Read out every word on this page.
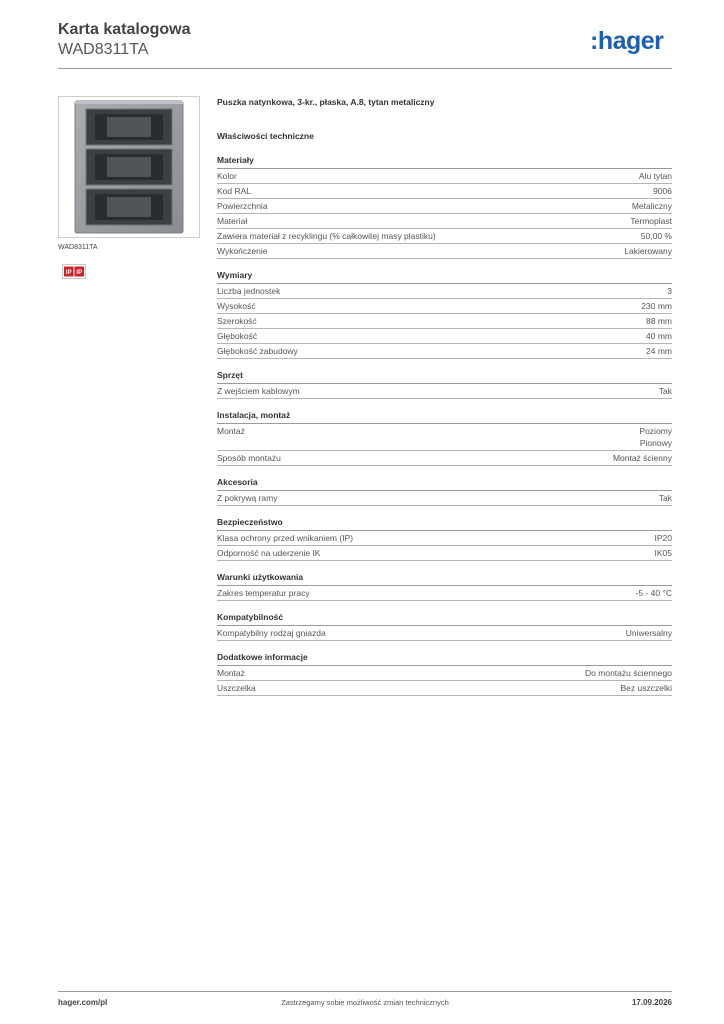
Karta katalogowa
WAD8311TA	:hager
WAD8311TA
IP IP
Puszka natynkowa, 3-kr., płaska, A.8, tytan metaliczny
Właściwości techniczne
Materiały
Kolor	Alu tytan
Kod RAL	9006
Powierzchnia	Metaliczny
Materiał	Termoplast
Zawiera materiał z recyklingu (% całkowitej masy plastiku)	50,00 %
Wykończenie	Lakierowany
Wymiary
Liczba jednostek	3
Wysokość	230 mm
Szerokość	88 mm
Głębokość	40 mm
Głębokość zabudowy	24 mm
Sprzęt
Z wejściem kablowym	Tak
Instalacja, montaż
Montaż	Poziomy
Pionowy
Sposób montażu	Montaż ścienny
Akcesoria
Z pokrywą ramy	Tak
Bezpieczeństwo
Klasa ochrony przed wnikaniem (IP)	IP20
Odporność na uderzenie IK	IK05
Warunki użytkowania
Zakres temperatur pracy	-5 - 40 °C
Kompatybilność
Kompatybilny rodzaj gniazda	Uniwersalny
Dodatkowe informacje
Montaż	Do montażu ściennego
Uszczelka	Bez uszczelki
hager.com/pl	Zastrzegamy sobie możliwość zmian technicznych	17.09.2026
